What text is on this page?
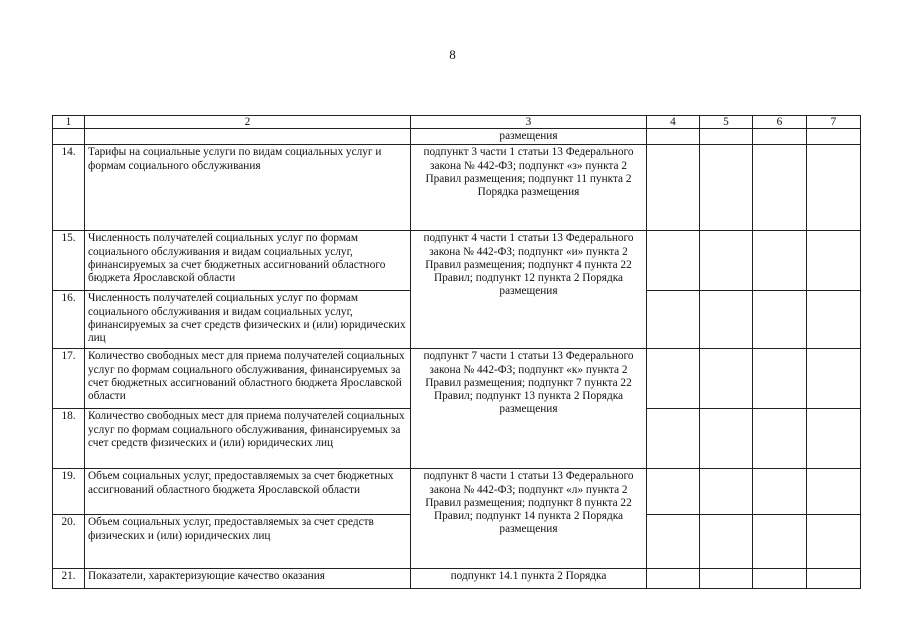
8
1	2	3	4	5	6	7
		размещения				
14.	Тарифы на социальные услуги по видам социальных услуг и формам социального обслуживания	подпункт 3 части 1 статьи 13 Федерального закона № 442-ФЗ; подпункт «з» пункта 2 Правил размещения; подпункт 11 пункта 2 Порядка размещения				
15.	Численность получателей социальных услуг по формам социального обслуживания и видам социальных услуг, финансируемых за счет бюджетных ассигнований областного бюджета Ярославской области	подпункт 4 части 1 статьи 13 Федерального закона № 442-ФЗ; подпункт «и» пункта 2 Правил размещения; подпункт 4 пункта 22 Правил; подпункт 12 пункта 2 Порядка размещения				
16.	Численность получателей социальных услуг по формам социального обслуживания и видам социальных услуг, финансируемых за счет средств физических и (или) юридических лиц					
17.	Количество свободных мест для приема получателей социальных услуг по формам социального обслуживания, финансируемых за счет бюджетных ассигнований областного бюджета Ярославской области	подпункт 7 части 1 статьи 13 Федерального закона № 442-ФЗ; подпункт «к» пункта 2 Правил размещения; подпункт 7 пункта 22 Правил; подпункт 13 пункта 2 Порядка размещения				
18.	Количество свободных мест для приема получателей социальных услуг по формам социального обслуживания, финансируемых за счет средств физических и (или) юридических лиц					
19.	Объем социальных услуг, предоставляемых за счет бюджетных ассигнований областного бюджета Ярославской области	подпункт 8 части 1 статьи 13 Федерального закона № 442-ФЗ; подпункт «л» пункта 2 Правил размещения; подпункт 8 пункта 22 Правил; подпункт 14 пункта 2 Порядка размещения				
20.	Объем социальных услуг, предоставляемых за счет средств физических и (или) юридических лиц					
21.	Показатели, характеризующие качество оказания	подпункт 14.1 пункта 2 Порядка				
